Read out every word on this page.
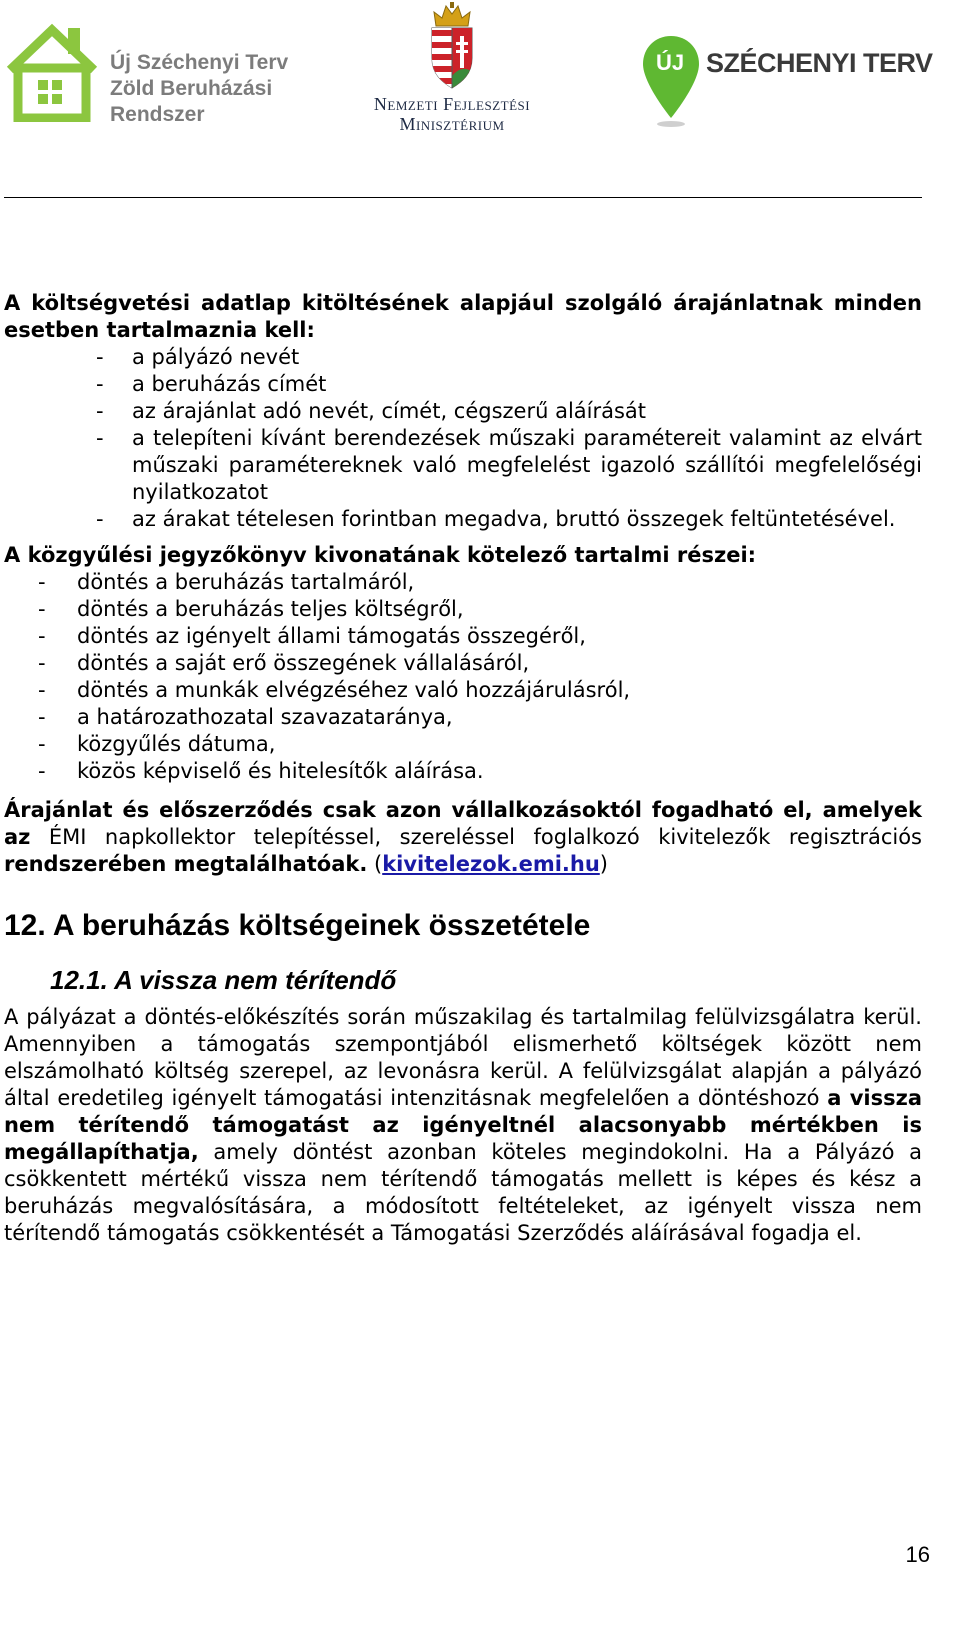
Új Széchenyi Terv
Zöld Beruházási
Rendszer	Nemzeti Fejlesztési
Minisztérium
ÚJ SZÉCHENYI TERV

A költségvetési adatlap kitöltésének alapjául szolgáló árajánlatnak minden esetben tartalmaznia kell:

- a pályázó nevét
- a beruházás címét
- az árajánlat adó nevét, címét, cégszerű aláírását
- a telepíteni kívánt berendezések műszaki paramétereit valamint az elvárt műszaki paramétereknek való megfelelést igazoló szállítói megfelelőségi nyilatkozatot
- az árakat tételesen forintban megadva, bruttó összegek feltüntetésével.

A közgyűlési jegyzőkönyv kivonatának kötelező tartalmi részei:

- döntés a beruházás tartalmáról,
- döntés a beruházás teljes költségről,
- döntés az igényelt állami támogatás összegéről,
- döntés a saját erő összegének vállalásáról,
- döntés a munkák elvégzéséhez való hozzájárulásról,
- a határozathozatal szavazataránya,
- közgyűlés dátuma,
- közös képviselő és hitelesítők aláírása.

Árajánlat és előszerződés csak azon vállalkozásoktól fogadható el, amelyek az ÉMI napkollektor telepítéssel, szereléssel foglalkozó kivitelezők regisztrációs rendszerében megtalálhatóak. (kivitelezok.emi.hu)

12. A beruházás költségeinek összetétele
12.1. A vissza nem térítendő

A pályázat a döntés-előkészítés során műszakilag és tartalmilag felülvizsgálatra kerül. Amennyiben a támogatás szempontjából elismerhető költségek között nem elszámolható költség szerepel, az levonásra kerül. A felülvizsgálat alapján a pályázó által eredetileg igényelt támogatási intenzitásnak megfelelően a döntéshozó a vissza nem térítendő támogatást az igényeltnél alacsonyabb mértékben is megállapíthatja, amely döntést azonban köteles megindokolni. Ha a Pályázó a csökkentett mértékű vissza nem térítendő támogatás mellett is képes és kész a beruházás megvalósítására, a módosított feltételeket, az igényelt vissza nem térítendő támogatás csökkentését a Támogatási Szerződés aláírásával fogadja el.

16
